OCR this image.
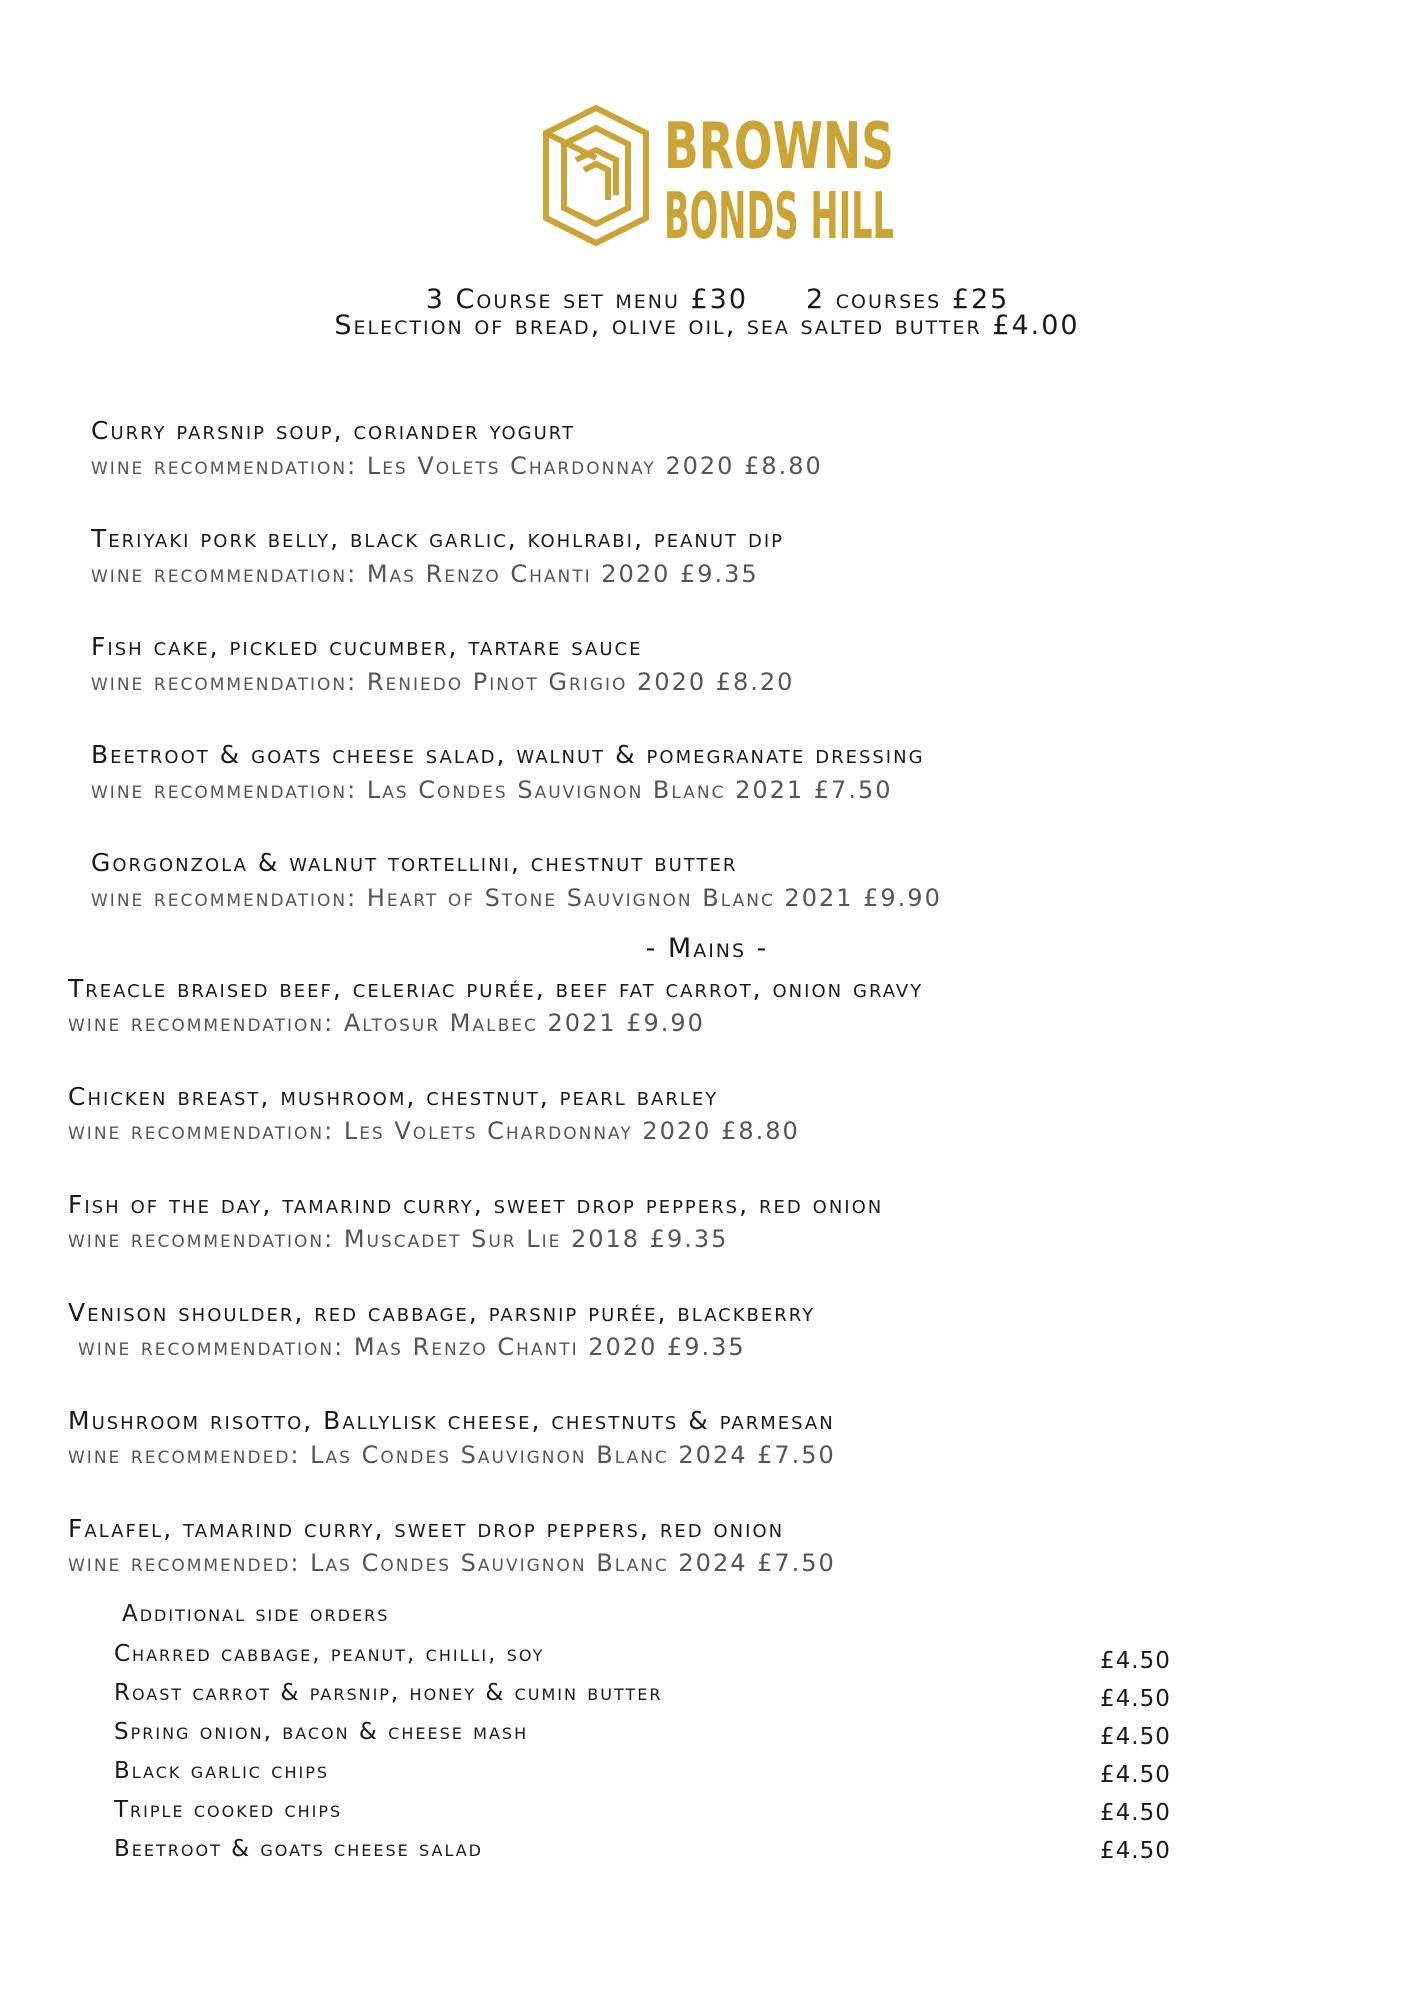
BROWNS
BONDS HILL

3 Course set menu £30 2 courses £25

Selection of bread, olive oil, sea salted butter £4.00
Curry parsnip soup, coriander yogurt
wine recommendation: Les Volets Chardonnay 2020 £8.80
Teriyaki pork belly, black garlic, kohlrabi, peanut dip
wine recommendation: Mas Renzo Chanti 2020 £9.35
Fish cake, pickled cucumber, tartare sauce
wine recommendation: Reniedo Pinot Grigio 2020 £8.20
Beetroot & goats cheese salad, walnut & pomegranate dressing
wine recommendation: Las Condes Sauvignon Blanc 2021 £7.50
Gorgonzola & walnut tortellini, chestnut butter
wine recommendation: Heart of Stone Sauvignon Blanc 2021 £9.90
- Mains -
Treacle braised beef, celeriac purée, beef fat carrot, onion gravy
wine recommendation: Altosur Malbec 2021 £9.90
Chicken breast, mushroom, chestnut, pearl barley
wine recommendation: Les Volets Chardonnay 2020 £8.80
Fish of the day, tamarind curry, sweet drop peppers, red onion
wine recommendation: Muscadet Sur Lie 2018 £9.35
Venison shoulder, red cabbage, parsnip purée, blackberry
wine recommendation: Mas Renzo Chanti 2020 £9.35
Mushroom risotto, Ballylisk cheese, chestnuts & parmesan
wine recommended: Las Condes Sauvignon Blanc 2024 £7.50
Falafel, tamarind curry, sweet drop peppers, red onion
wine recommended: Las Condes Sauvignon Blanc 2024 £7.50
Additional side orders
Charred cabbage, peanut, chilli, soy	£4.50
Roast carrot & parsnip, honey & cumin butter	£4.50
Spring onion, bacon & cheese mash	£4.50
Black garlic chips	£4.50
Triple cooked chips	£4.50
Beetroot & goats cheese salad	£4.50
